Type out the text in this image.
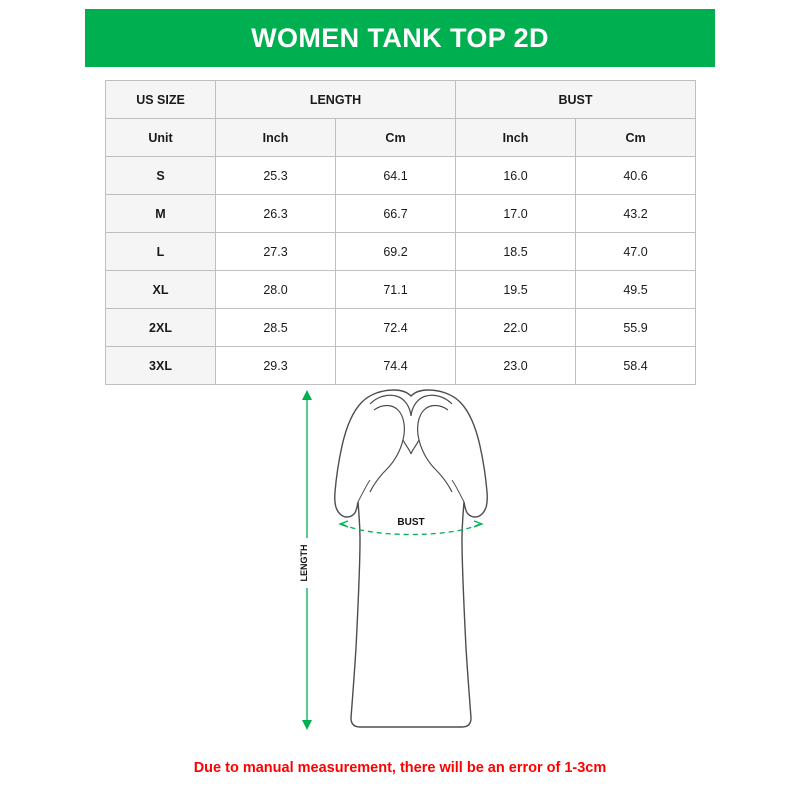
WOMEN TANK TOP 2D
US SIZE	LENGTH		BUST	
Unit	Inch	Cm	Inch	Cm
S	25.3	64.1	16.0	40.6
M	26.3	66.7	17.0	43.2
L	27.3	69.2	18.5	47.0
XL	28.0	71.1	19.5	49.5
2XL	28.5	72.4	22.0	55.9
3XL	29.3	74.4	23.0	58.4
BUST
LENGTH
Due to manual measurement, there will be an error of 1-3cm
